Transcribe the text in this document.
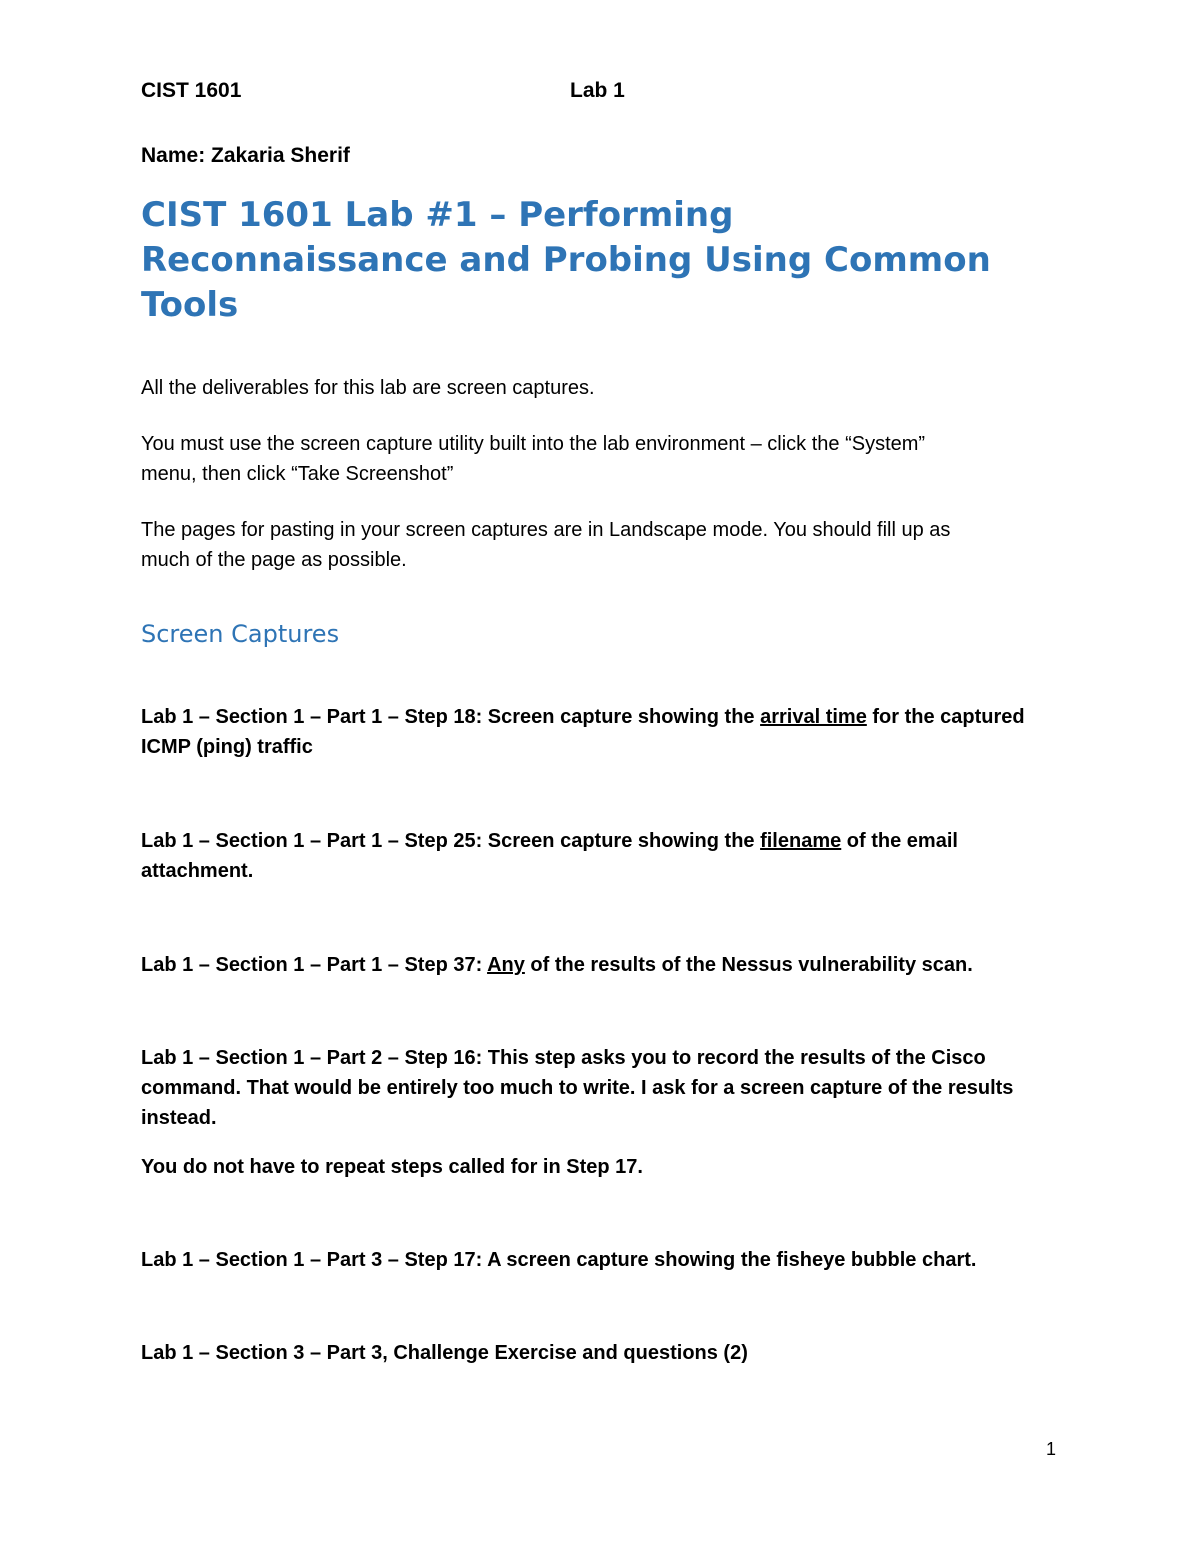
CIST 1601	Lab 1
Name: Zakaria Sherif
CIST 1601 Lab #1 – Performing
Reconnaissance and Probing Using Common
Tools
All the deliverables for this lab are screen captures.
You must use the screen capture utility built into the lab environment – click the “System”
menu, then click “Take Screenshot”
The pages for pasting in your screen captures are in Landscape mode. You should fill up as
much of the page as possible.
Screen Captures
Lab 1 – Section 1 – Part 1 – Step 18: Screen capture showing the arrival time for the captured
ICMP (ping) traffic
Lab 1 – Section 1 – Part 1 – Step 25: Screen capture showing the filename of the email
attachment.
Lab 1 – Section 1 – Part 1 – Step 37: Any of the results of the Nessus vulnerability scan.
Lab 1 – Section 1 – Part 2 – Step 16: This step asks you to record the results of the Cisco
command. That would be entirely too much to write. I ask for a screen capture of the results
instead.
You do not have to repeat steps called for in Step 17.
Lab 1 – Section 1 – Part 3 – Step 17: A screen capture showing the fisheye bubble chart.
Lab 1 – Section 3 – Part 3, Challenge Exercise and questions (2)
1
